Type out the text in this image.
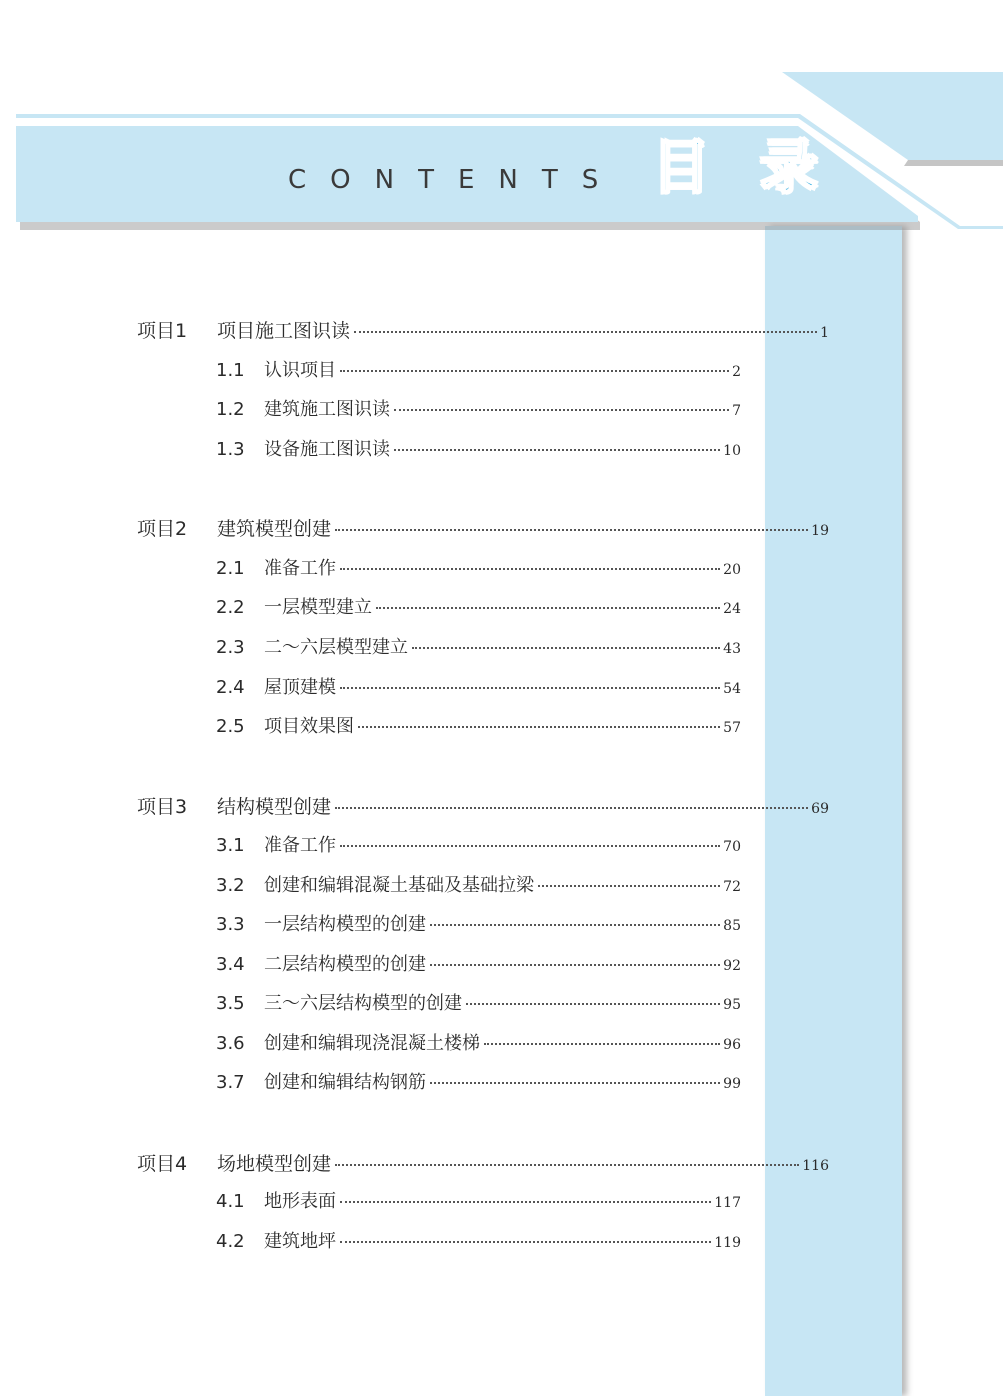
CONTENTS 目 录
项目1	项目施工图识读	1
1.1	认识项目	2
1.2	建筑施工图识读	7
1.3	设备施工图识读	10
项目2	建筑模型创建	19
2.1	准备工作	20
2.2	一层模型建立	24
2.3	二～六层模型建立	43
2.4	屋顶建模	54
2.5	项目效果图	57
项目3	结构模型创建	69
3.1	准备工作	70
3.2	创建和编辑混凝土基础及基础拉梁	72
3.3	一层结构模型的创建	85
3.4	二层结构模型的创建	92
3.5	三～六层结构模型的创建	95
3.6	创建和编辑现浇混凝土楼梯	96
3.7	创建和编辑结构钢筋	99
项目4	场地模型创建	116
4.1	地形表面	117
4.2	建筑地坪	119
